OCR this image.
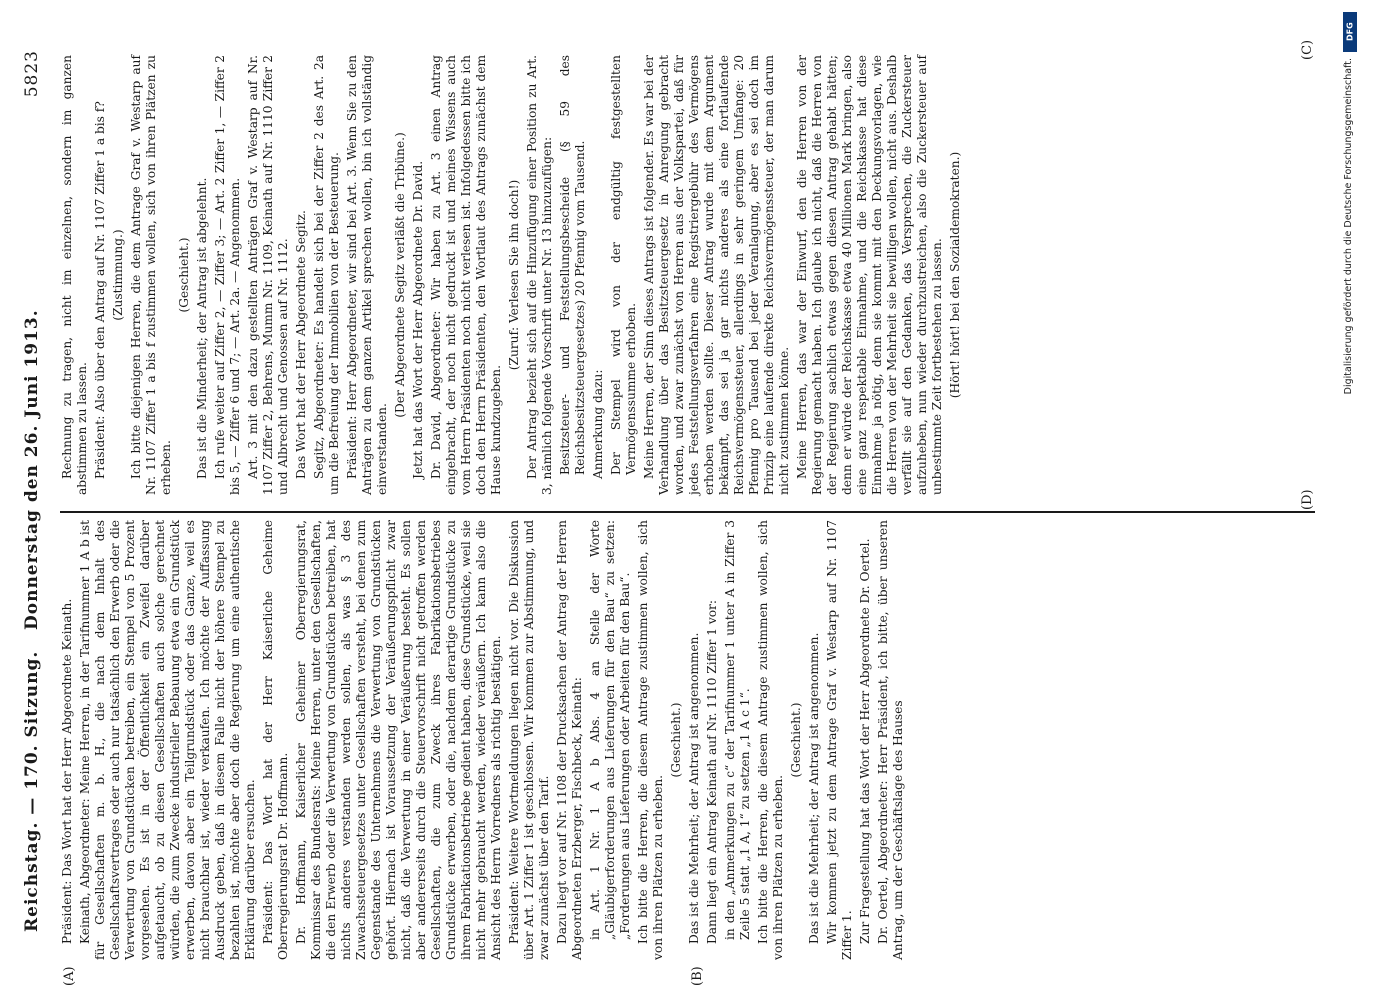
Reichstag. — 170. Sitzung.
Donnerstag den 26. Juni 1913.
5823
(A)	(B)
(C)
(D)

Präsident: Das Wort hat der Herr Abgeordnete Keinath. Keinath, Abgeordneter: Meine Herren, in der Tarifnummer 1 A b ist für Gesellschaften m. b. H., die nach dem Inhalt des Gesellschaftsvertrages oder auch nur tatsächlich den Erwerb oder die Verwertung von Grundstücken betreiben, ein Stempel von 5 Prozent vorgesehen. Es ist in der Öffentlichkeit ein Zweifel darüber aufgetaucht, ob zu diesen Gesellschaften auch solche gerechnet würden, die zum Zwecke industrieller Bebauung etwa ein Grundstück erwerben, davon aber ein Teilgrundstück oder das Ganze, weil es nicht brauchbar ist, wieder verkaufen. Ich möchte der Auffassung Ausdruck geben, daß in diesem Falle nicht der höhere Stempel zu bezahlen ist, möchte aber doch die Regierung um eine authentische Erklärung darüber ersuchen. Präsident: Das Wort hat der Herr Kaiserliche Geheime Oberregierungsrat Dr. Hoffmann. Dr. Hoffmann, Kaiserlicher Geheimer Oberregierungsrat, Kommissar des Bundesrats: Meine Herren, unter den Gesellschaften, die den Erwerb oder die Verwertung von Grundstücken betreiben, hat nichts anderes verstanden werden sollen, als was § 3 des Zuwachssteuergesetzes unter Gesellschaften versteht, bei denen zum Gegenstande des Unternehmens die Verwertung von Grundstücken gehört. Hiernach ist Voraussetzung der Veräußerungspflicht zwar nicht, daß die Verwertung in einer Veräußerung besteht. Es sollen aber andererseits durch die Steuervorschrift nicht getroffen werden Gesellschaften, die zum Zweck ihres Fabrikationsbetriebes Grundstücke erwerben, oder die, nachdem derartige Grundstücke zu ihrem Fabrikationsbetriebe gedient haben, diese Grundstücke, weil sie nicht mehr gebraucht werden, wieder veräußern. Ich kann also die Ansicht des Herrn Vorredners als richtig bestätigen. Präsident: Weitere Wortmeldungen liegen nicht vor. Die Diskussion über Art. 1 Ziffer 1 ist geschlossen. Wir kommen zur Abstimmung, und zwar zunächst über den Tarif. Dazu liegt vor auf Nr. 1108 der Drucksachen der Antrag der Herren Abgeordneten Erzberger, Fischbeck, Keinath: in Art. 1 Nr. 1 A b Abs. 4 an Stelle der Worte „Gläubigerforderungen aus Lieferungen für den Bau“ zu setzen: „Forderungen aus Lieferungen oder Arbeiten für den Bau“. Ich bitte die Herren, die diesem Antrage zustimmen wollen, sich von ihren Plätzen zu erheben.

(Geschieht.) Das ist die Mehrheit; der Antrag ist angenommen. Dann liegt ein Antrag Keinath auf Nr. 1110 Ziffer 1 vor: in den „Anmerkungen zu c“ der Tarifnummer 1 unter A in Ziffer 3 Zeile 5 statt „1 A, 1“ zu setzen „1 A c 1“. Ich bitte die Herren, die diesem Antrage zustimmen wollen, sich von ihren Plätzen zu erheben.

(Geschieht.) Das ist die Mehrheit; der Antrag ist angenommen. Wir kommen jetzt zu dem Antrage Graf v. Westarp auf Nr. 1107 Ziffer 1. Zur Fragestellung hat das Wort der Herr Abgeordnete Dr. Oertel. Dr. Oertel, Abgeordneter: Herr Präsident, ich bitte, über unseren Antrag, um der Geschäftslage des Hauses

Rechnung zu tragen, nicht im einzelnen, sondern im ganzen abstimmen zu lassen. Präsident: Also über den Antrag auf Nr. 1107 Ziffer 1 a bis f? (Zustimmung.) Ich bitte diejenigen Herren, die dem Antrage Graf v. Westarp auf Nr. 1107 Ziffer 1 a bis f zustimmen wollen, sich von ihren Plätzen zu erheben.

(Geschieht.) Das ist die Minderheit; der Antrag ist abgelehnt. Ich rufe weiter auf Ziffer 2, — Ziffer 3; — Art. 2 Ziffer 1, — Ziffer 2 bis 5, — Ziffer 6 und 7; — Art. 2a. — Angenommen. Art. 3 mit den dazu gestellten Anträgen Graf v. Westarp auf Nr. 1107 Ziffer 2, Behrens, Mumm Nr. 1109, Keinath auf Nr. 1110 Ziffer 2 und Albrecht und Genossen auf Nr. 1112. Das Wort hat der Herr Abgeordnete Segitz. Segitz, Abgeordneter: Es handelt sich bei der Ziffer 2 des Art. 2a um die Befreiung der Immobilien von der Besteuerung. Präsident: Herr Abgeordneter, wir sind bei Art. 3. Wenn Sie zu den Anträgen zu dem ganzen Artikel sprechen wollen, bin ich vollständig einverstanden.

(Der Abgeordnete Segitz verläßt die Tribüne.) Jetzt hat das Wort der Herr Abgeordnete Dr. David. Dr. David, Abgeordneter: Wir haben zu Art. 3 einen Antrag eingebracht, der noch nicht gedruckt ist und meines Wissens auch vom Herrn Präsidenten noch nicht verlesen ist. Infolgedessen bitte ich doch den Herrn Präsidenten, den Wortlaut des Antrags zunächst dem Hause kundzugeben.

(Zuruf: Verlesen Sie ihn doch!) Der Antrag bezieht sich auf die Hinzufügung einer Position zu Art. 3, nämlich folgende Vorschrift unter Nr. 13 hinzuzufügen: Besitzsteuer- und Feststellungsbescheide (§ 59 des Reichsbesitzsteuergesetzes) 20 Pfennig vom Tausend. Anmerkung dazu: Der Stempel wird von der endgültig festgestellten Vermögenssumme erhoben. Meine Herren, der Sinn dieses Antrags ist folgender. Es war bei der Verhandlung über das Besitzsteuergesetz in Anregung gebracht worden, und zwar zunächst von Herren aus der Volkspartei, daß für jedes Feststellungsverfahren eine Registriergebühr des Vermögens erhoben werden sollte. Dieser Antrag wurde mit dem Argument bekämpft, das sei ja gar nichts anderes als eine fortlaufende Reichsvermögenssteuer, allerdings in sehr geringem Umfange: 20 Pfennig pro Tausend bei jeder Veranlagung, aber es sei doch im Prinzip eine laufende direkte Reichsvermögenssteuer, der man darum nicht zustimmen könne. Meine Herren, das war der Einwurf, den die Herren von der Regierung gemacht haben. Ich glaube ich nicht, daß die Herren von der Regierung sachlich etwas gegen diesen Antrag gehabt hätten; denn er würde der Reichskasse etwa 40 Millionen Mark bringen, also eine ganz respektable Einnahme, und die Reichskasse hat diese Einnahme ja nötig, denn sie kommt mit den Deckungsvorlagen, wie die Herren von der Mehrheit sie bewilligen wollen, nicht aus. Deshalb verfällt sie auf den Gedanken, das Versprechen, die Zuckersteuer aufzuheben, nun wieder durchzustreichen, also die Zuckersteuer auf unbestimmte Zeit fortbestehen zu lassen. (Hört! hört! bei den Sozialdemokraten.)

DFG
Digitalisierung gefördert durch die Deutsche Forschungsgemeinschaft.
